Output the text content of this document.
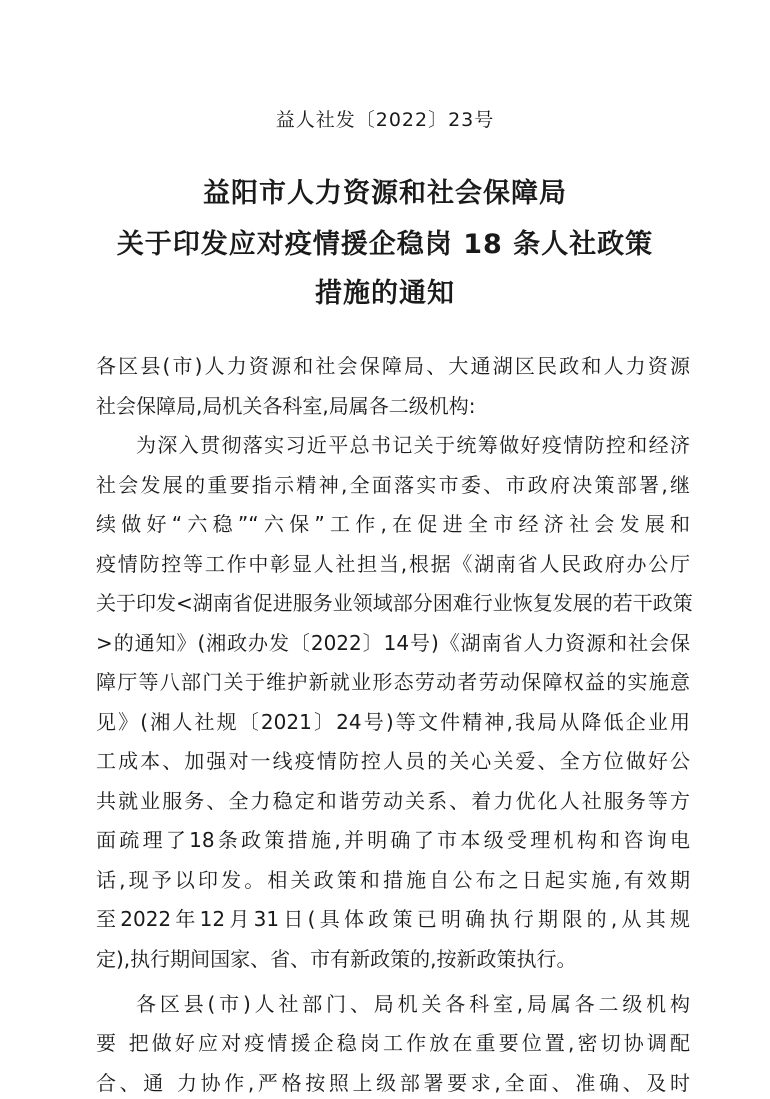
益人社发〔2022〕23号
益阳市人力资源和社会保障局
关于印发应对疫情援企稳岗 18 条人社政策
措施的通知
各区县(市)人力资源和社会保障局、大通湖区民政和人力资源
社会保障局,局机关各科室,局属各二级机构:
为深入贯彻落实习近平总书记关于统筹做好疫情防控和经济
社会发展的重要指示精神,全面落实市委、市政府决策部署,继
续做好“六稳”“六保”工作,在促进全市经济社会发展和
疫情防控等工作中彰显人社担当,根据《湖南省人民政府办公厅
关于印发<湖南省促进服务业领域部分困难行业恢复发展的若干政策
>的通知》(湘政办发〔2022〕14号)《湖南省人力资源和社会保
障厅等八部门关于维护新就业形态劳动者劳动保障权益的实施意
见》(湘人社规〔2021〕24号)等文件精神,我局从降低企业用
工成本、加强对一线疫情防控人员的关心关爱、全方位做好公
共就业服务、全力稳定和谐劳动关系、着力优化人社服务等方
面疏理了18条政策措施,并明确了市本级受理机构和咨询电
话,现予以印发。相关政策和措施自公布之日起实施,有效期
至2022年12月31日(具体政策已明确执行期限的,从其规
定),执行期间国家、省、市有新政策的,按新政策执行。
各区县(市)人社部门、局机关各科室,局属各二级机构
要 把做好应对疫情援企稳岗工作放在重要位置,密切协调配
合、通 力协作,严格按照上级部署要求,全面、准确、及时
